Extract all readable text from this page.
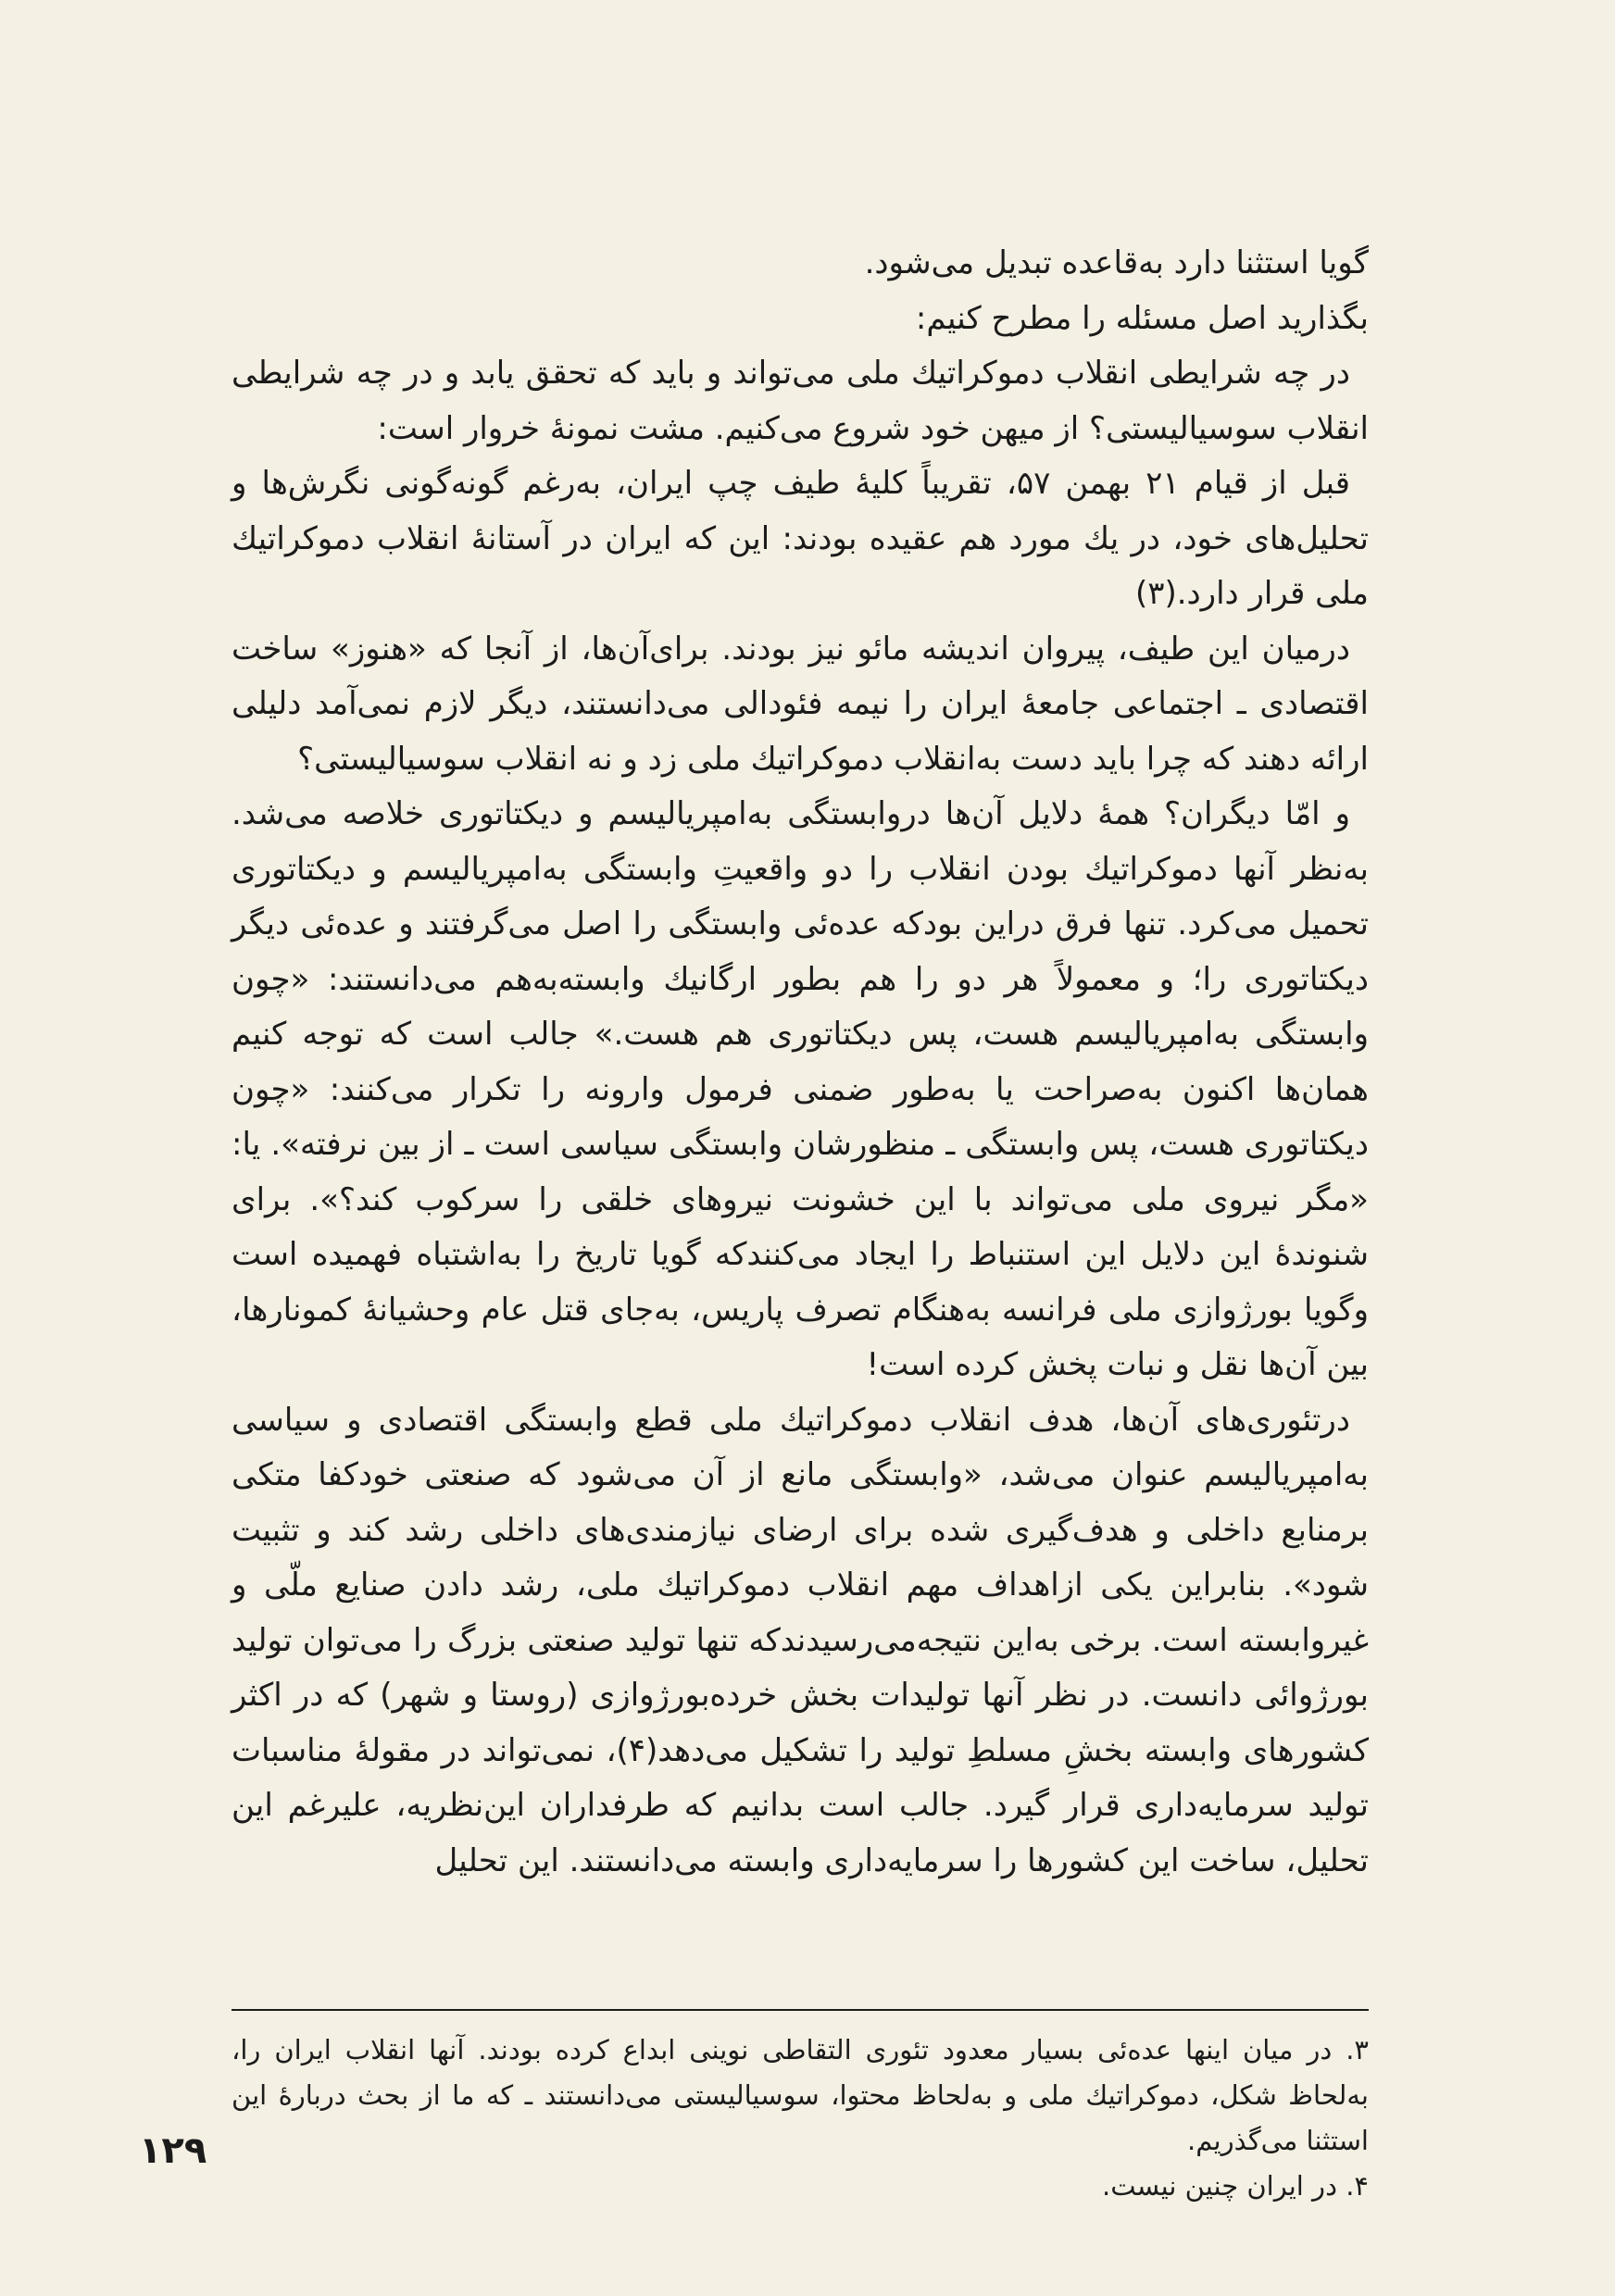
گویا استثنا دارد به‌قاعده تبدیل می‌شود.

بگذارید اصل مسئله را مطرح کنیم:

در چه شرایطی انقلاب دموکراتیك ملی می‌تواند و باید که تحقق یابد و در چه شرایطی انقلاب سوسیالیستی؟ از میهن خود شروع می‌کنیم. مشت نمونهٔ خروار است:

قبل از قیام ۲۱ بهمن ۵۷، تقریباً کلیهٔ طیف چپ ایران، به‌رغم گونه‌گونی نگرش‌ها و تحلیل‌های خود، در یك مورد هم عقیده بودند: این که ایران در آستانهٔ انقلاب دموکراتیك ملی قرار دارد.(۳)

درمیان این طیف، پیروان اندیشه مائو نیز بودند. برای‌آن‌ها، از آنجا که «هنوز» ساخت اقتصادی ـ اجتماعی جامعهٔ ایران را نیمه فئودالی می‌دانستند، دیگر لازم نمی‌آمد دلیلی ارائه دهند که چرا باید دست به‌انقلاب دموکراتیك ملی زد و نه انقلاب سوسیالیستی؟

و امّا دیگران؟ همهٔ دلایل آن‌ها دروابستگی به‌امپریالیسم و دیکتاتوری خلاصه می‌شد. به‌نظر آنها دموکراتیك بودن انقلاب را دو واقعیتِ وابستگی به‌امپریالیسم و دیکتاتوری تحمیل می‌کرد. تنها فرق دراین بودکه عده‌ئی وابستگی را اصل می‌گرفتند و عده‌ئی دیگر دیکتاتوری را؛ و معمولاً هر دو را هم بطور ارگانیك وابسته‌به‌هم می‌دانستند: «چون وابستگی به‌امپریالیسم هست، پس دیکتاتوری هم هست.» جالب است که توجه کنیم همان‌ها اکنون به‌صراحت یا به‌طور ضمنی فرمول وارونه را تکرار می‌کنند: «چون دیکتاتوری هست، پس وابستگی ـ منظورشان وابستگی سیاسی است ـ از بین نرفته». یا: «مگر نیروی ملی می‌تواند با این خشونت نیروهای خلقی را سرکوب کند؟». برای شنوندهٔ این دلایل این استنباط را ایجاد می‌کنندکه گویا تاریخ را به‌اشتباه فهمیده است وگویا بورژوازی ملی فرانسه به‌هنگام تصرف پاریس، به‌جای قتل عام وحشیانهٔ کمونارها، بین آن‌ها نقل و نبات پخش کرده است!

درتئوری‌های آن‌ها، هدف انقلاب دموکراتیك ملی قطع وابستگی اقتصادی و سیاسی به‌امپریالیسم عنوان می‌شد، «وابستگی مانع از آن می‌شود که صنعتی خودکفا متکی برمنابع داخلی و هدف‌گیری شده برای ارضای نیازمندی‌های داخلی رشد کند و تثبیت شود». بنابراین یکی ازاهداف مهم انقلاب دموکراتیك ملی، رشد دادن صنایع ملّی و غیروابسته است. برخی به‌این نتیجه‌می‌رسیدندکه تنها تولید صنعتی بزرگ را می‌توان تولید بورژوائی دانست. در نظر آنها تولیدات بخش خرده‌بورژوازی (روستا و شهر) که در اکثر کشورهای وابسته بخشِ مسلطِ تولید را تشکیل می‌دهد(۴)، نمی‌تواند در مقولهٔ مناسبات تولید سرمایه‌داری قرار گیرد. جالب است بدانیم که طرفداران این‌نظریه، علیرغم این تحلیل، ساخت این کشورها را سرمایه‌داری وابسته می‌دانستند. این تحلیل

۳. در میان اینها عده‌ئی بسیار معدود تئوری التقاطی نوینی ابداع کرده بودند. آنها انقلاب ایران را، به‌لحاظ شکل، دموکراتیك ملی و به‌لحاظ محتوا، سوسیالیستی می‌دانستند ـ که ما از بحث دربارهٔ این استثنا می‌گذریم.

۴. در ایران چنین نیست.

۱۲۹
